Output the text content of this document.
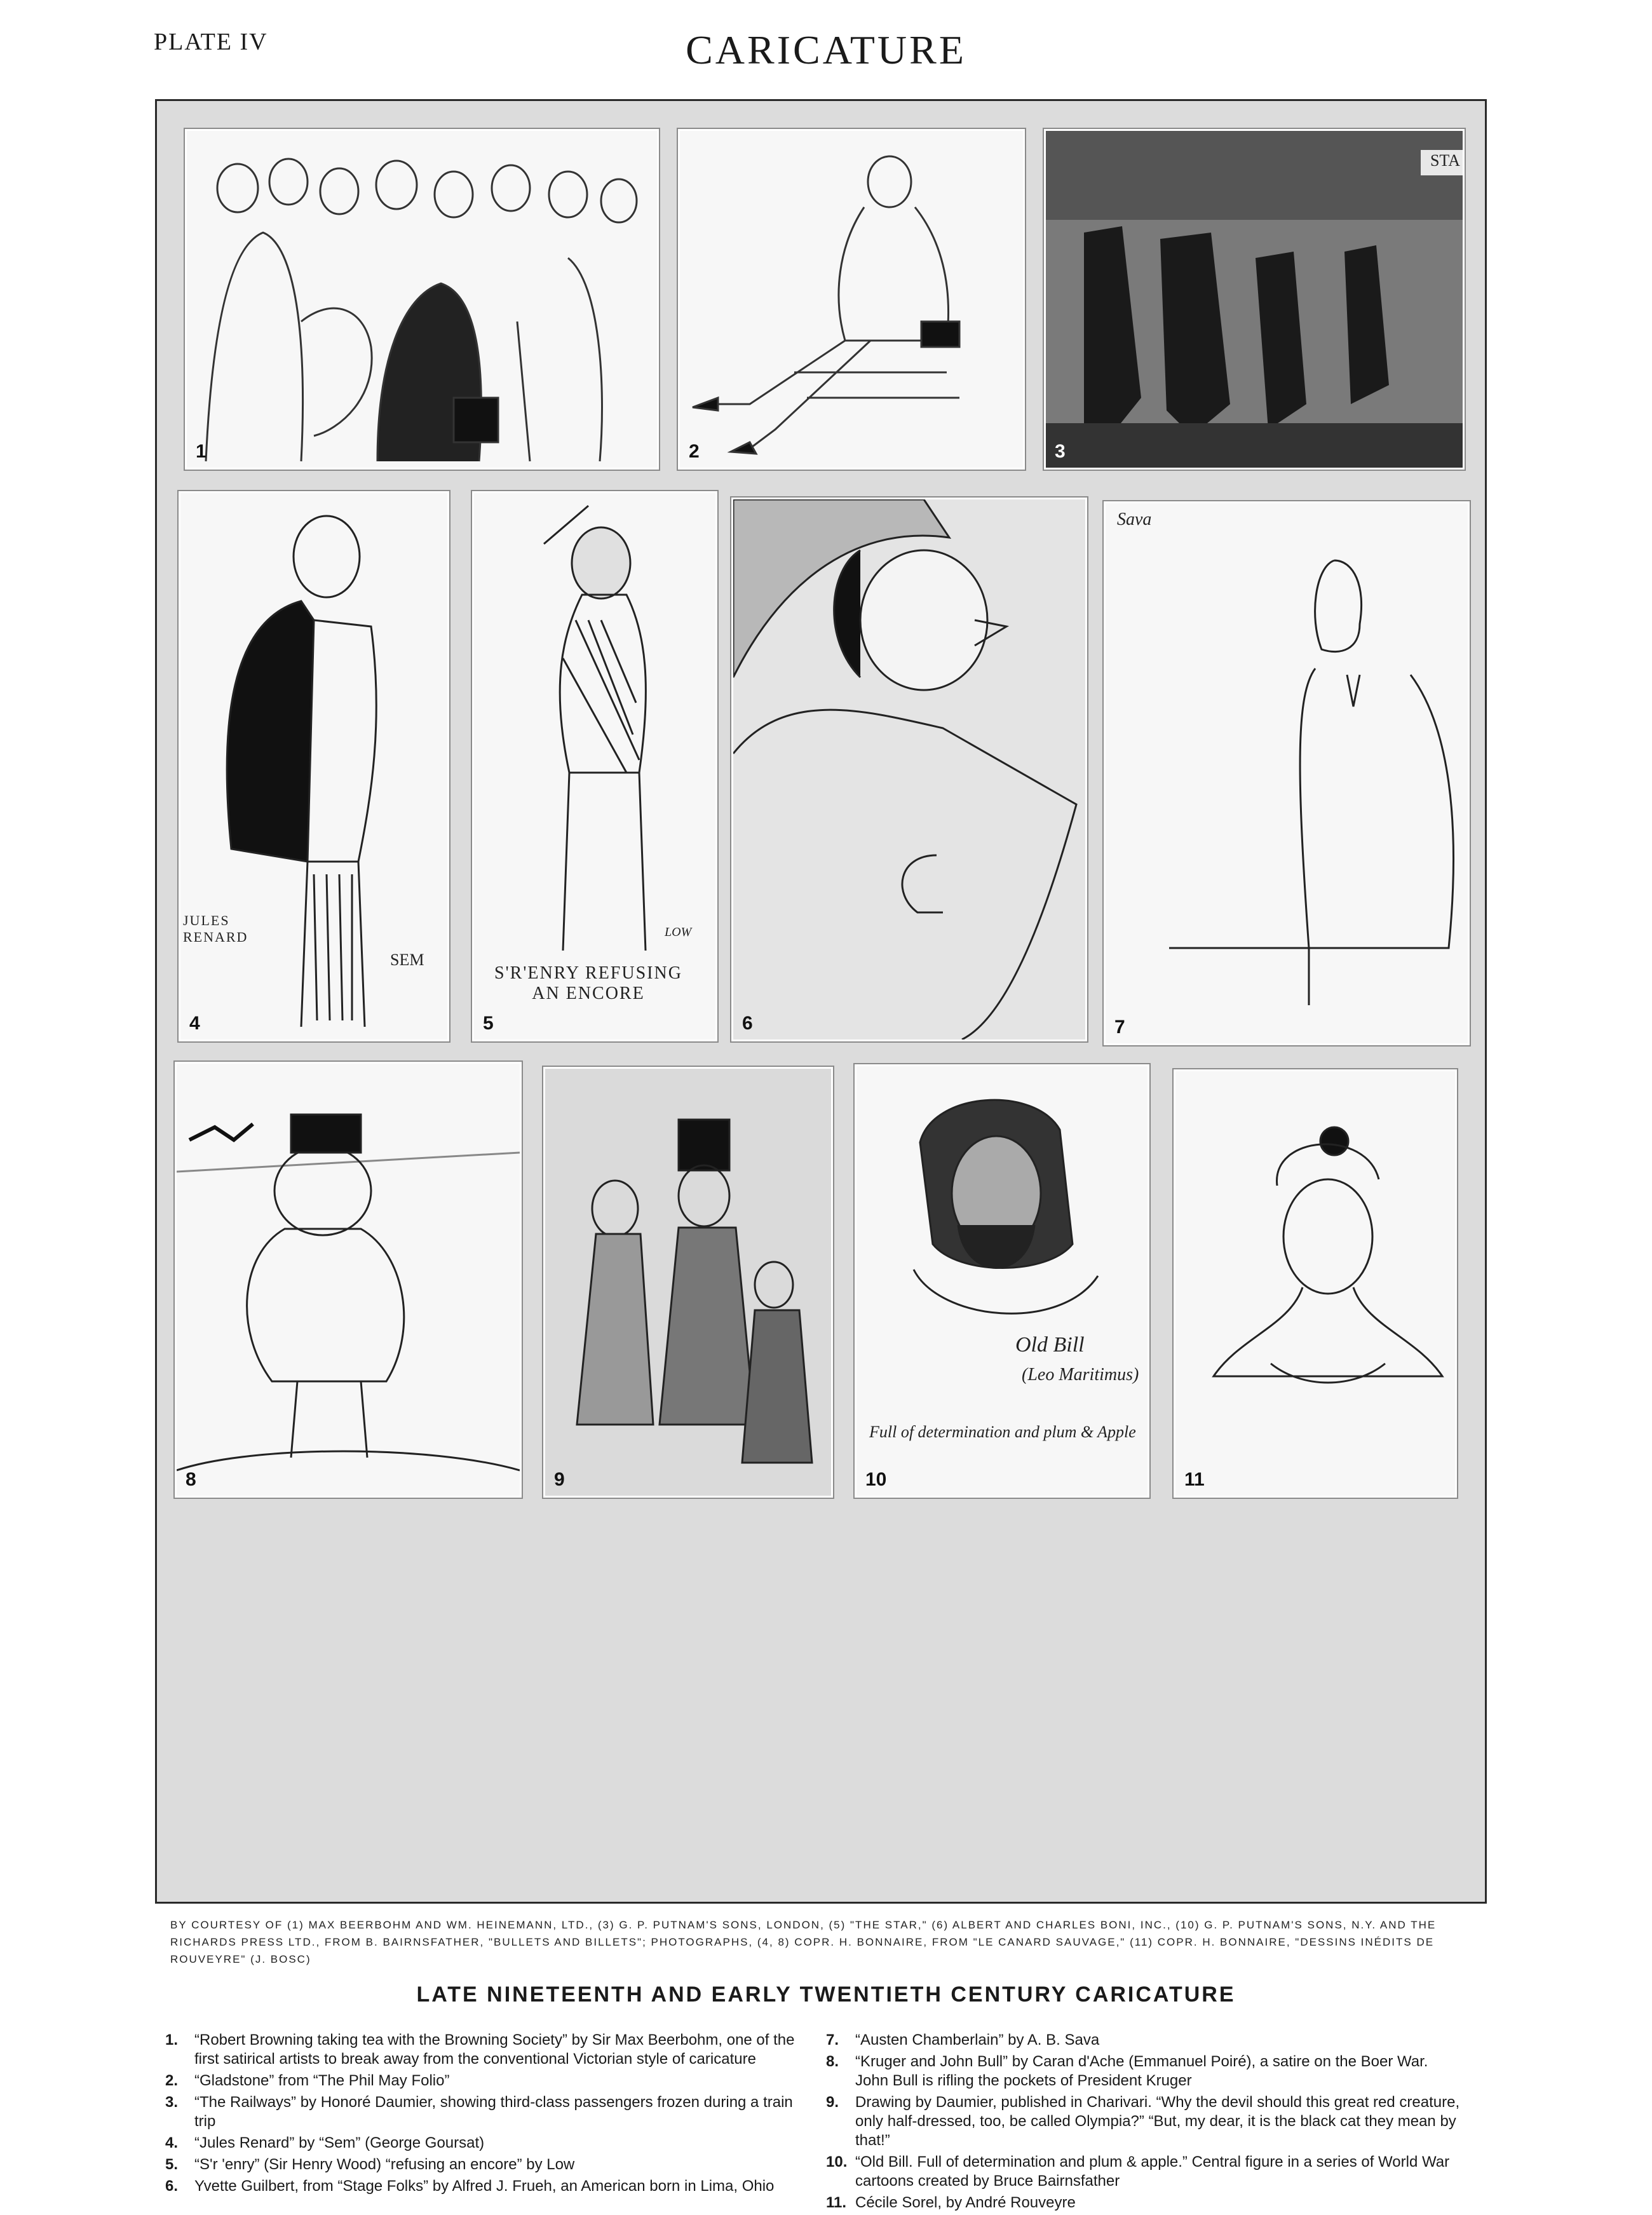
PLATE IV	CARICATURE
1	2
STA
3
JULES RENARD
SEM
4
S'R'ENRY REFUSING AN ENCORE
LOW
5	6
Sava
7
8	9
Old Bill
(Leo Maritimus)
Full of determination and plum & Apple
10	11
BY COURTESY OF (1) MAX BEERBOHM AND WM. HEINEMANN, LTD., (3) G. P. PUTNAM'S SONS, LONDON, (5) "THE STAR," (6) ALBERT AND CHARLES BONI, INC., (10) G. P. PUTNAM'S SONS, N.Y. AND THE RICHARDS PRESS LTD., FROM B. BAIRNSFATHER, "BULLETS AND BILLETS"; PHOTOGRAPHS, (4, 8) COPR. H. BONNAIRE, FROM "LE CANARD SAUVAGE," (11) COPR. H. BONNAIRE, "DESSINS INÉDITS DE ROUVEYRE" (J. BOSC)
LATE NINETEENTH AND EARLY TWENTIETH CENTURY CARICATURE
1. “Robert Browning taking tea with the Browning Society” by Sir Max Beerbohm, one of the first satirical artists to break away from the conventional Victorian style of caricature
2. “Gladstone” from “The Phil May Folio”
3. “The Railways” by Honoré Daumier, showing third-class passengers frozen during a train trip
4. “Jules Renard” by “Sem” (George Goursat)
5. “S'r 'enry” (Sir Henry Wood) “refusing an encore” by Low
6. Yvette Guilbert, from “Stage Folks” by Alfred J. Frueh, an American born in Lima, Ohio
7. “Austen Chamberlain” by A. B. Sava
8. “Kruger and John Bull” by Caran d'Ache (Emmanuel Poiré), a satire on the Boer War. John Bull is rifling the pockets of President Kruger
9. Drawing by Daumier, published in Charivari. “Why the devil should this great red creature, only half-dressed, too, be called Olympia?” “But, my dear, it is the black cat they mean by that!”
10. “Old Bill. Full of determination and plum & apple.” Central figure in a series of World War cartoons created by Bruce Bairnsfather
11. Cécile Sorel, by André Rouveyre
